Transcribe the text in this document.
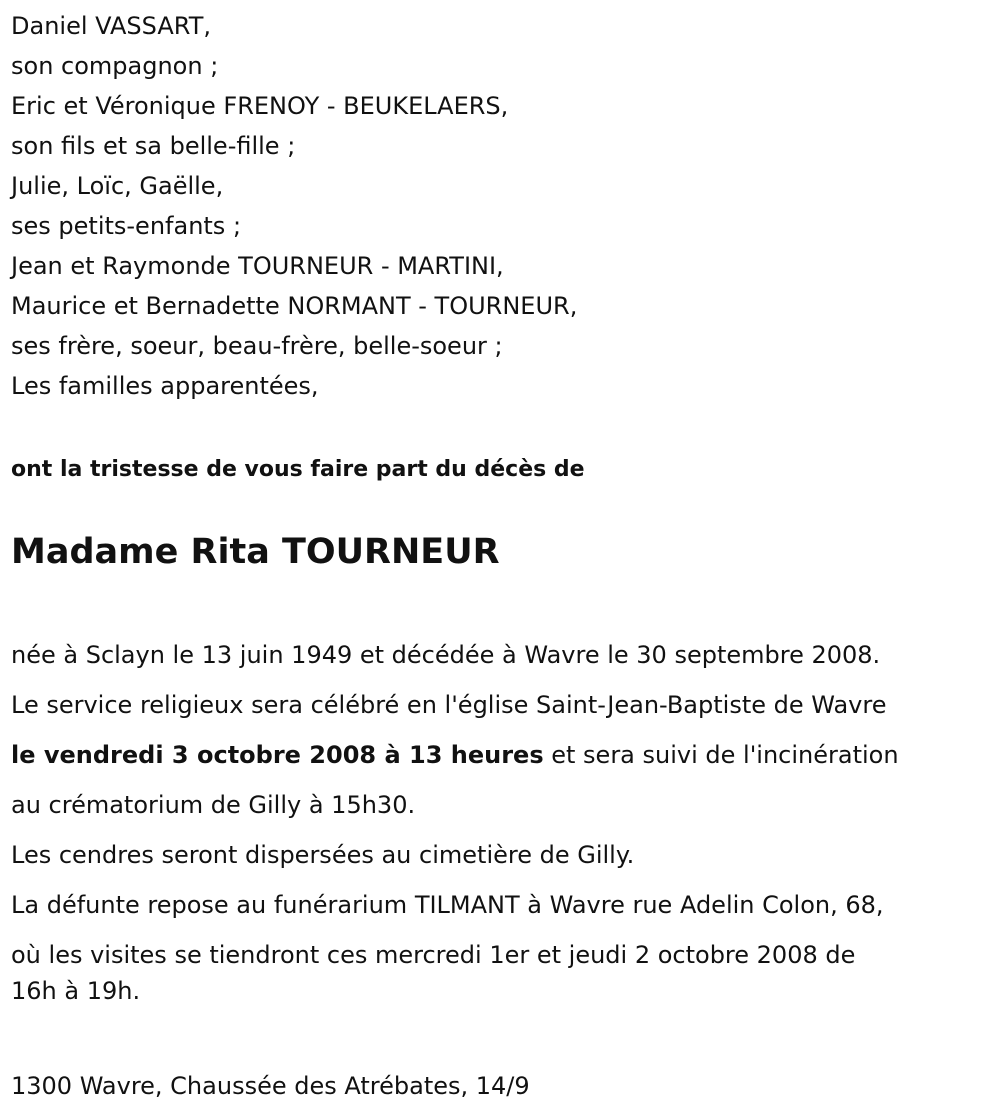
Daniel VASSART,
son compagnon ;
Eric et Véronique FRENOY - BEUKELAERS,
son fils et sa belle-fille ;
Julie, Loïc, Gaëlle,
ses petits-enfants ;
Jean et Raymonde TOURNEUR - MARTINI,
Maurice et Bernadette NORMANT - TOURNEUR,
ses frère, soeur, beau-frère, belle-soeur ;
Les familles apparentées,
ont la tristesse de vous faire part du décès de
Madame Rita TOURNEUR
née à Sclayn le 13 juin 1949 et décédée à Wavre le 30 septembre 2008.
Le service religieux sera célébré en l'église Saint-Jean-Baptiste de Wavre
le vendredi 3 octobre 2008 à 13 heures et sera suivi de l'incinération
au crématorium de Gilly à 15h30.
Les cendres seront dispersées au cimetière de Gilly.
La défunte repose au funérarium TILMANT à Wavre rue Adelin Colon, 68,
où les visites se tiendront ces mercredi 1er et jeudi 2 octobre 2008 de
16h à 19h.
1300 Wavre, Chaussée des Atrébates, 14/9
